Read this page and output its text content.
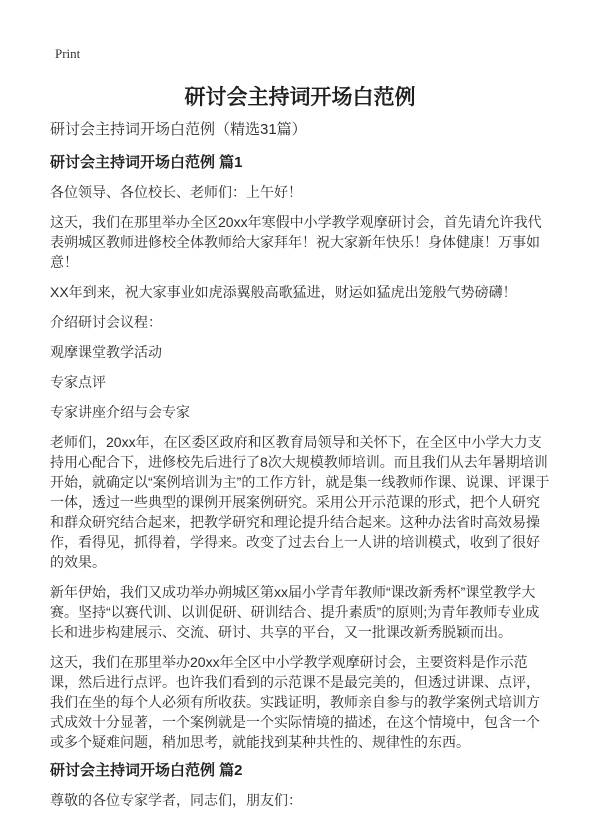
Print
研讨会主持词开场白范例
研讨会主持词开场白范例（精选31篇）
研讨会主持词开场白范例 篇1

各位领导、各位校长、老师们：上午好！

这天，我们在那里举办全区20xx年寒假中小学教学观摩研讨会，首先请允许我代表朔城区教师进修校全体教师给大家拜年！祝大家新年快乐！身体健康！万事如意！

XX年到来，祝大家事业如虎添翼般高歌猛进，财运如猛虎出笼般气势磅礴！

介绍研讨会议程：

观摩课堂教学活动

专家点评

专家讲座介绍与会专家

老师们，20xx年，在区委区政府和区教育局领导和关怀下，在全区中小学大力支持用心配合下，进修校先后进行了8次大规模教师培训。而且我们从去年暑期培训开始，就确定以“案例培训为主”的工作方针，就是集一线教师作课、说课、评课于一体，透过一些典型的课例开展案例研究。采用公开示范课的形式，把个人研究和群众研究结合起来，把教学研究和理论提升结合起来。这种办法省时高效易操作，看得见，抓得着，学得来。改变了过去台上一人讲的培训模式，收到了很好的效果。

新年伊始，我们又成功举办朔城区第xx届小学青年教师“课改新秀杯”课堂教学大赛。坚持“以赛代训、以训促研、研训结合、提升素质”的原则;为青年教师专业成长和进步构建展示、交流、研讨、共享的平台，又一批课改新秀脱颖而出。

这天，我们在那里举办20xx年全区中小学教学观摩研讨会，主要资料是作示范课，然后进行点评。也许我们看到的示范课不是最完美的，但透过讲课、点评，我们在坐的每个人必须有所收获。实践证明，教师亲自参与的教学案例式培训方式成效十分显著，一个案例就是一个实际情境的描述，在这个情境中，包含一个或多个疑难问题，稍加思考，就能找到某种共性的、规律性的东西。

研讨会主持词开场白范例 篇2

尊敬的各位专家学者，同志们，朋友们：
